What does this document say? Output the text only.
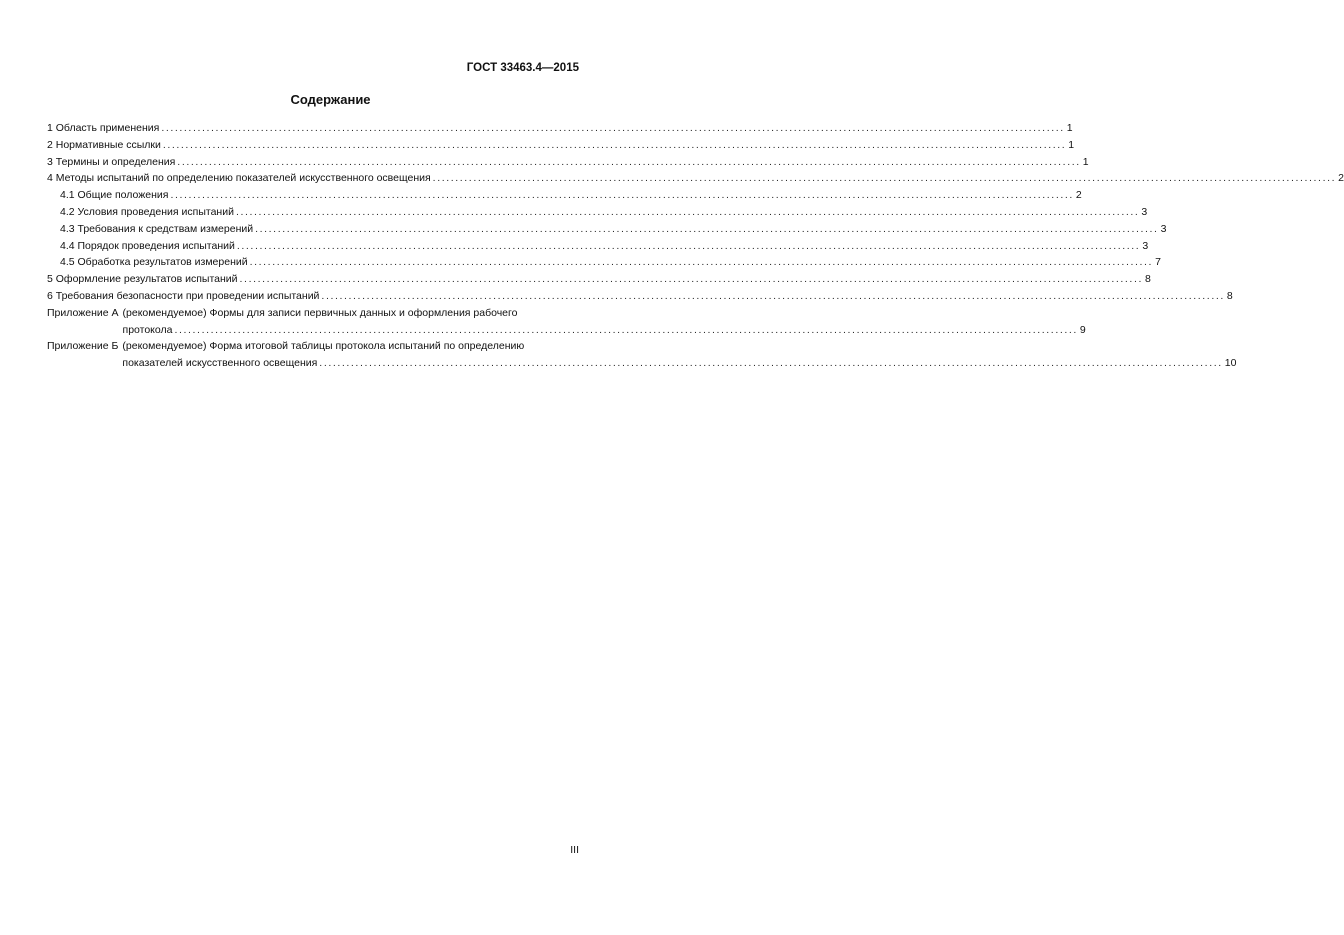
ГОСТ 33463.4—2015
Содержание
1 Область применения ........................................................................................................................................................................................................ 1
2 Нормативные ссылки ........................................................................................................................................................................................................ 1
3 Термины и определения ........................................................................................................................................................................................................ 1
4 Методы испытаний по определению показателей искусственного освещения ........................................................................................................................................................................................................ 2
4.1 Общие положения ........................................................................................................................................................................................................ 2
4.2 Условия проведения испытаний ........................................................................................................................................................................................................ 3
4.3 Требования к средствам измерений ........................................................................................................................................................................................................ 3
4.4 Порядок проведения испытаний ........................................................................................................................................................................................................ 3
4.5 Обработка результатов измерений ........................................................................................................................................................................................................ 7
5 Оформление результатов испытаний ........................................................................................................................................................................................................ 8
6 Требования безопасности при проведении испытаний ........................................................................................................................................................................................................ 8
Приложение А (рекомендуемое) Формы для записи первичных данных и оформления рабочего
протокола ........................................................................................................................................................................................................ 9
Приложение Б (рекомендуемое) Форма итоговой таблицы протокола испытаний по определению
показателей искусственного освещения ........................................................................................................................................................................................................ 10
III
